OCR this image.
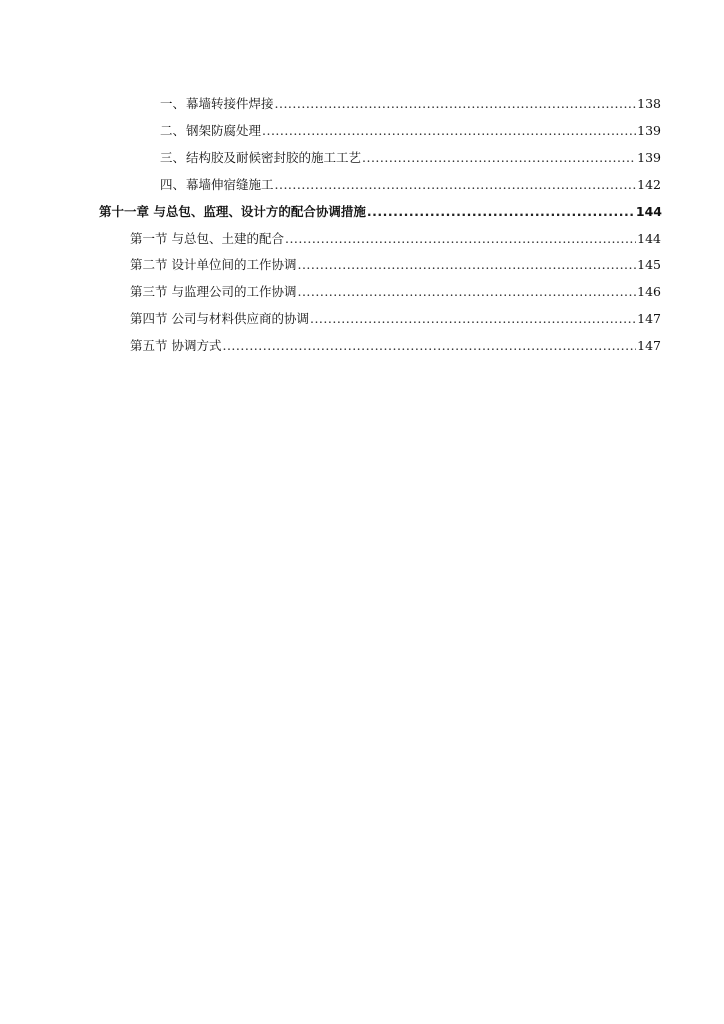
一、幕墙转接件焊接 .....	138
二、钢架防腐处理 .....	139
三、结构胶及耐候密封胶的施工工艺 .....	139
四、幕墙伸宿缝施工 .....	142
第十一章 与总包、监理、设计方的配合协调措施 .....	144
第一节 与总包、土建的配合 .....	144
第二节 设计单位间的工作协调 .....	145
第三节 与监理公司的工作协调 .....	146
第四节 公司与材料供应商的协调 .....	147
第五节 协调方式 .....	147
